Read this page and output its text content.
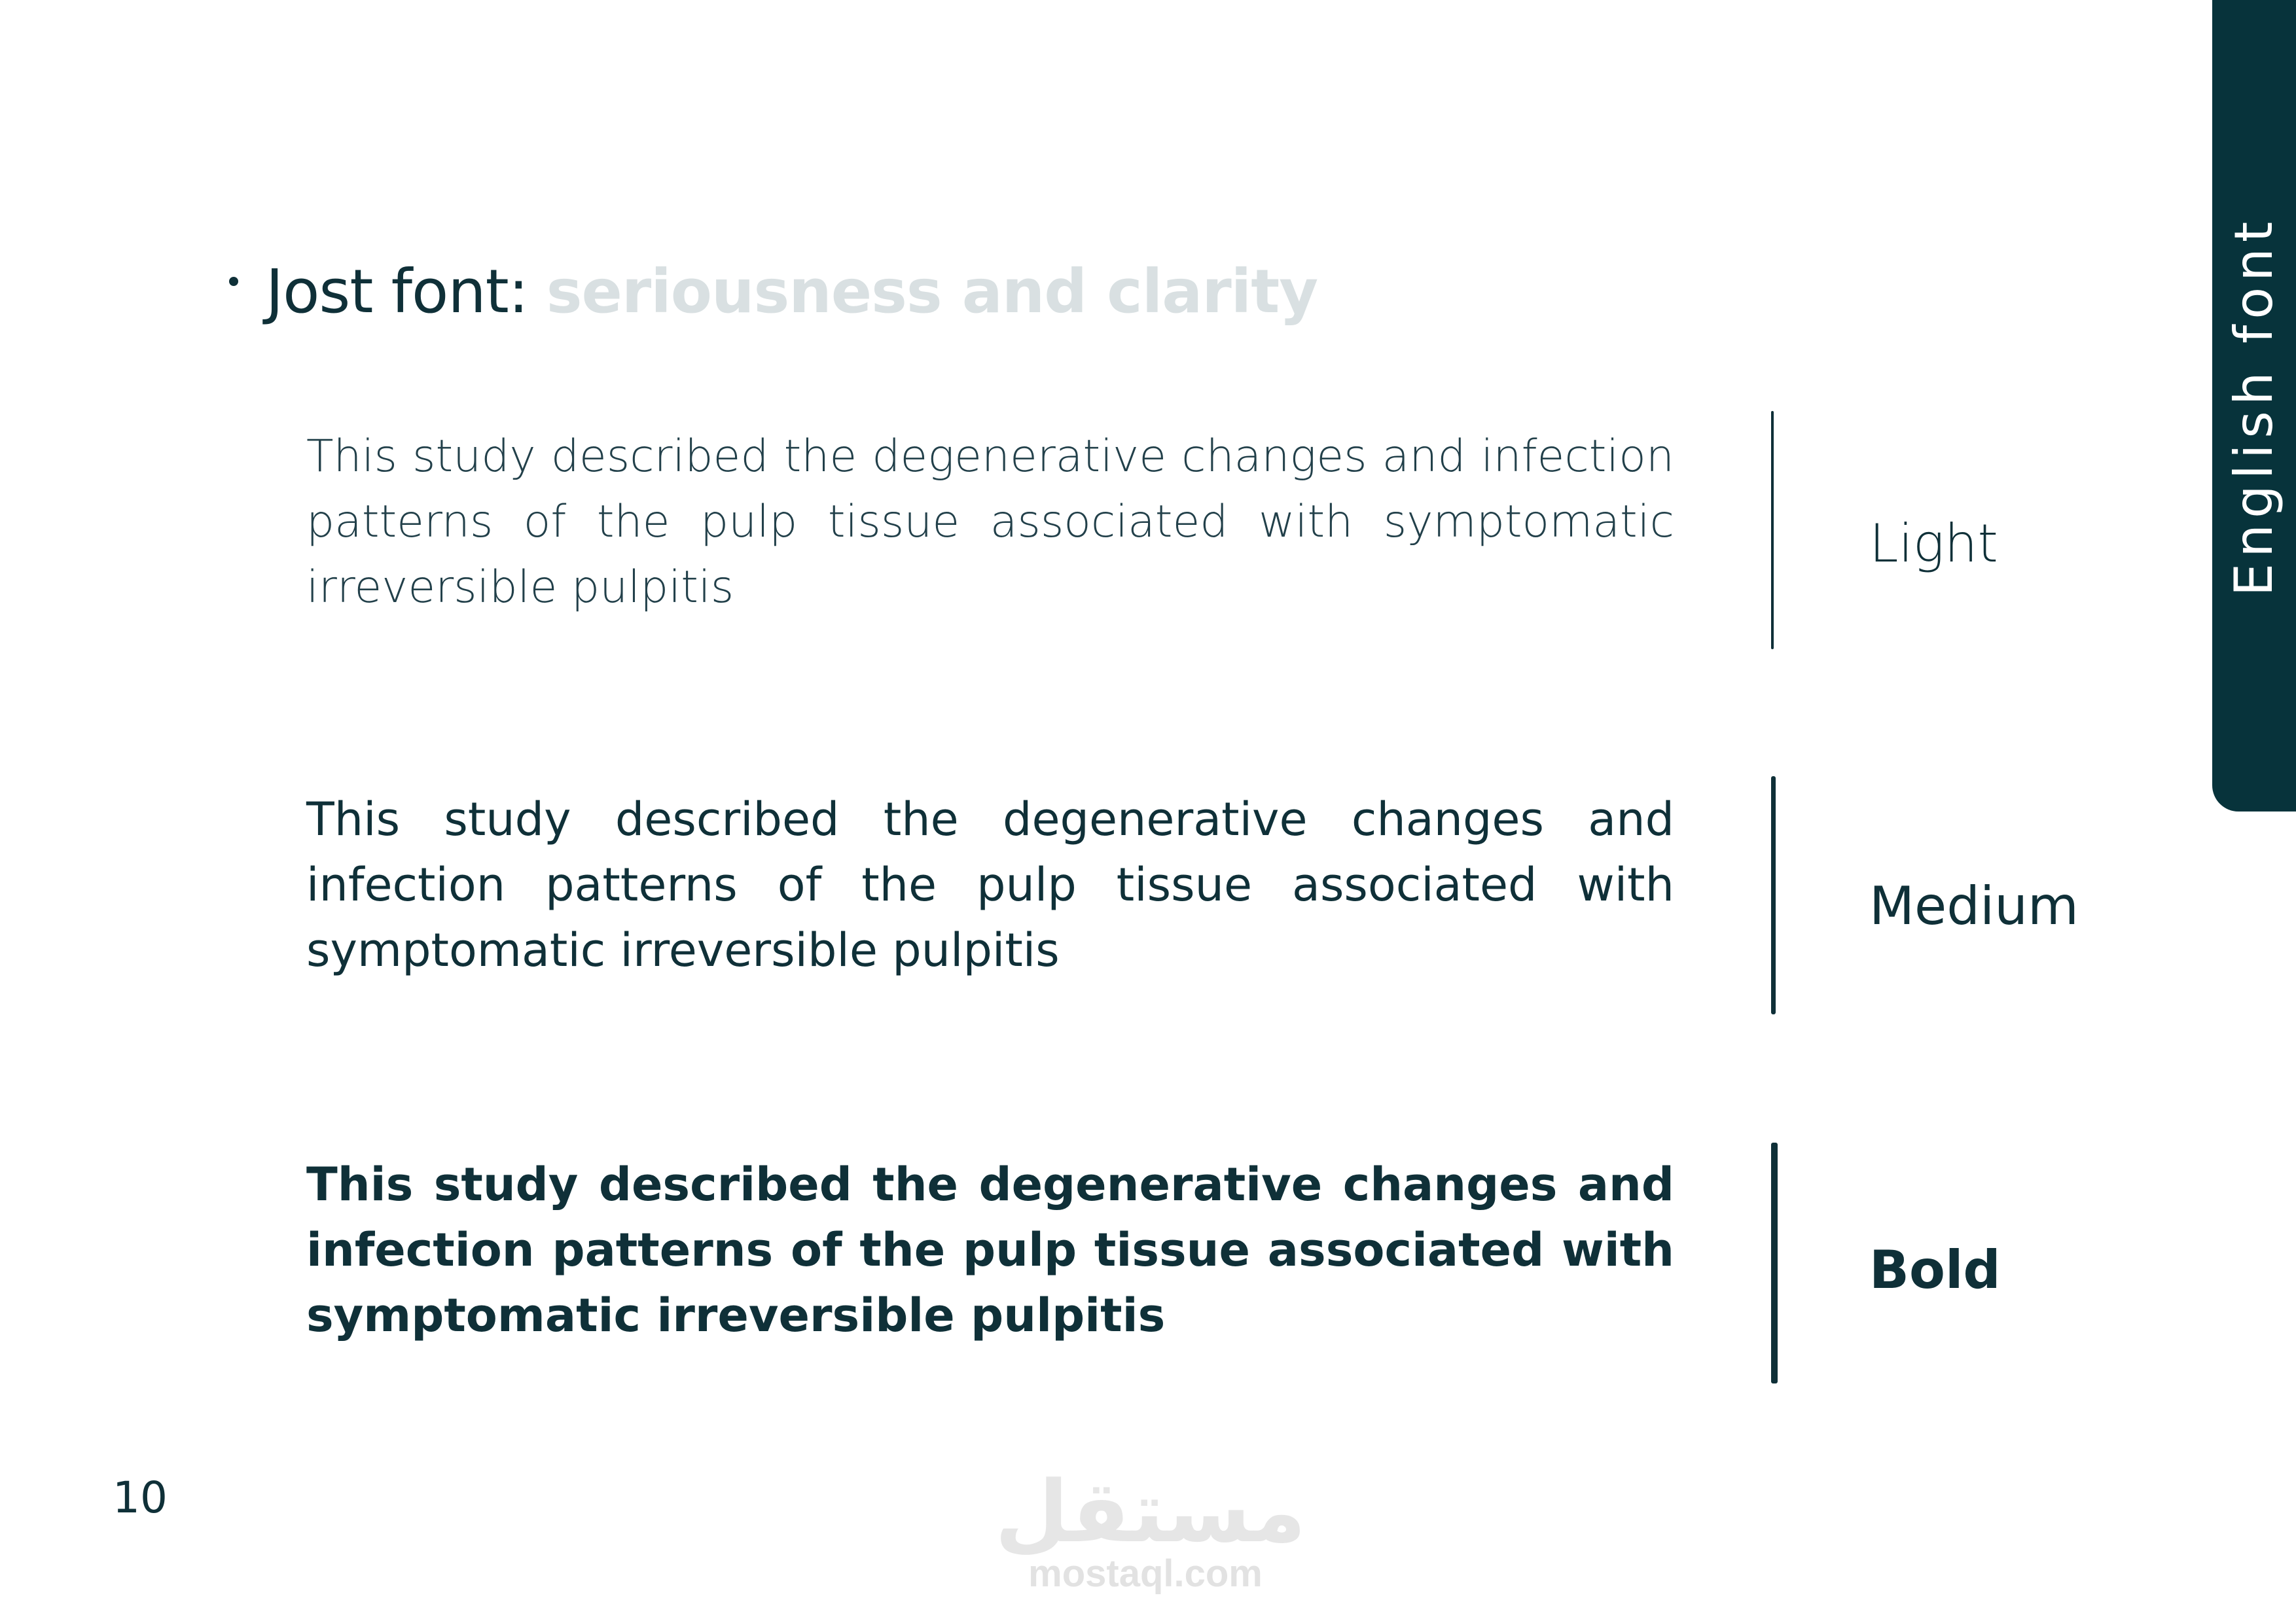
English font
Jost font: seriousness and clarity
This study described the degenerative changes and infection patterns of the pulp tissue associated with symptomatic irreversible pulpitis
Light
This study described the degenerative changes and infection patterns of the pulp tissue associated with symptomatic irreversible pulpitis
Medium
This study described the degenerative changes and infection patterns of the pulp tissue associated with symptomatic irreversible pulpitis
Bold
10	مستقل
mostaql.com
